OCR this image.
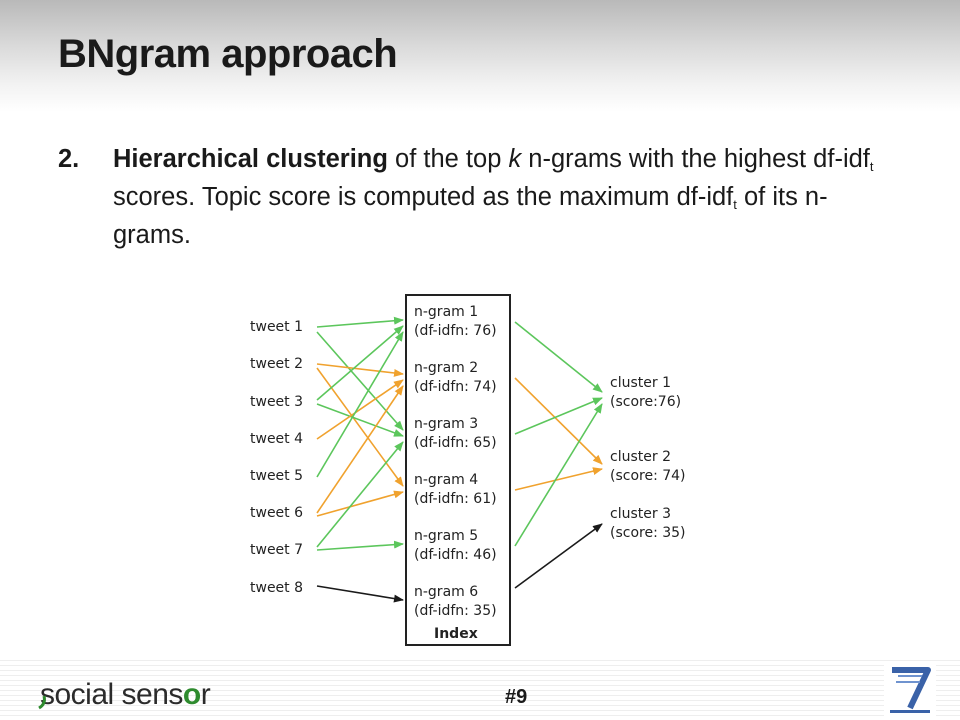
BNgram approach
2. Hierarchical clustering of the top k n-grams with the highest df-idf$_t$ scores. Topic score is computed as the maximum df-idf$_t$ of its n-grams.
tweet 1
tweet 2
tweet 3
tweet 4
tweet 5
tweet 6
tweet 7
tweet 8
n-gram 1
(df-idfn: 76)
n-gram 2
(df-idfn: 74)
n-gram 3
(df-idfn: 65)
n-gram 4
(df-idfn: 61)
n-gram 5
(df-idfn: 46)
n-gram 6
(df-idfn: 35)
Index
cluster 1
(score:76)
cluster 2
(score: 74)
cluster 3
(score: 35)
social sensor	#9
